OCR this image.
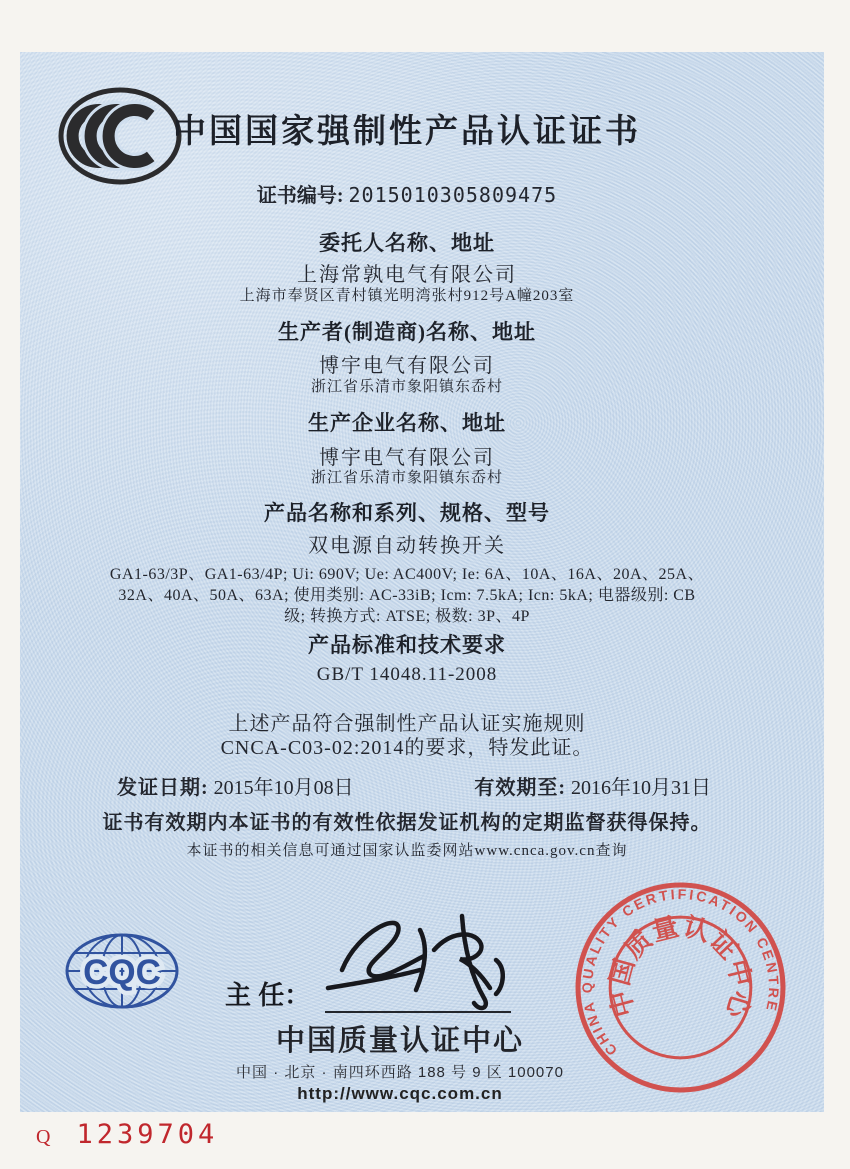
中国国家强制性产品认证证书
证书编号: 2015010305809475
委托人名称、地址
上海常孰电气有限公司
上海市奉贤区青村镇光明湾张村912号A幢203室
生产者(制造商)名称、地址
博宇电气有限公司
浙江省乐清市象阳镇东岙村
生产企业名称、地址
博宇电气有限公司
浙江省乐清市象阳镇东岙村
产品名称和系列、规格、型号
双电源自动转换开关
GA1-63/3P、GA1-63/4P; Ui: 690V; Ue: AC400V; Ie: 6A、10A、16A、20A、25A、
32A、40A、50A、63A; 使用类别: AC-33iB; Icm: 7.5kA; Icn: 5kA; 电器级别: CB
级; 转换方式: ATSE; 极数: 3P、4P
产品标准和技术要求
GB/T 14048.11-2008
上述产品符合强制性产品认证实施规则
CNCA-C03-02:2014的要求，特发此证。
发证日期: 2015年10月08日	有效期至: 2016年10月31日
证书有效期内本证书的有效性依据发证机构的定期监督获得保持。
本证书的相关信息可通过国家认监委网站www.cnca.gov.cn查询
CQC
主 任：
中国质量认证中心
中国 · 北京 · 南四环西路 188 号 9 区 100070
http://www.cqc.com.cn
CHINA QUALITY CERTIFICATION CENTRE
中国质量认证中心
Q 1239704
